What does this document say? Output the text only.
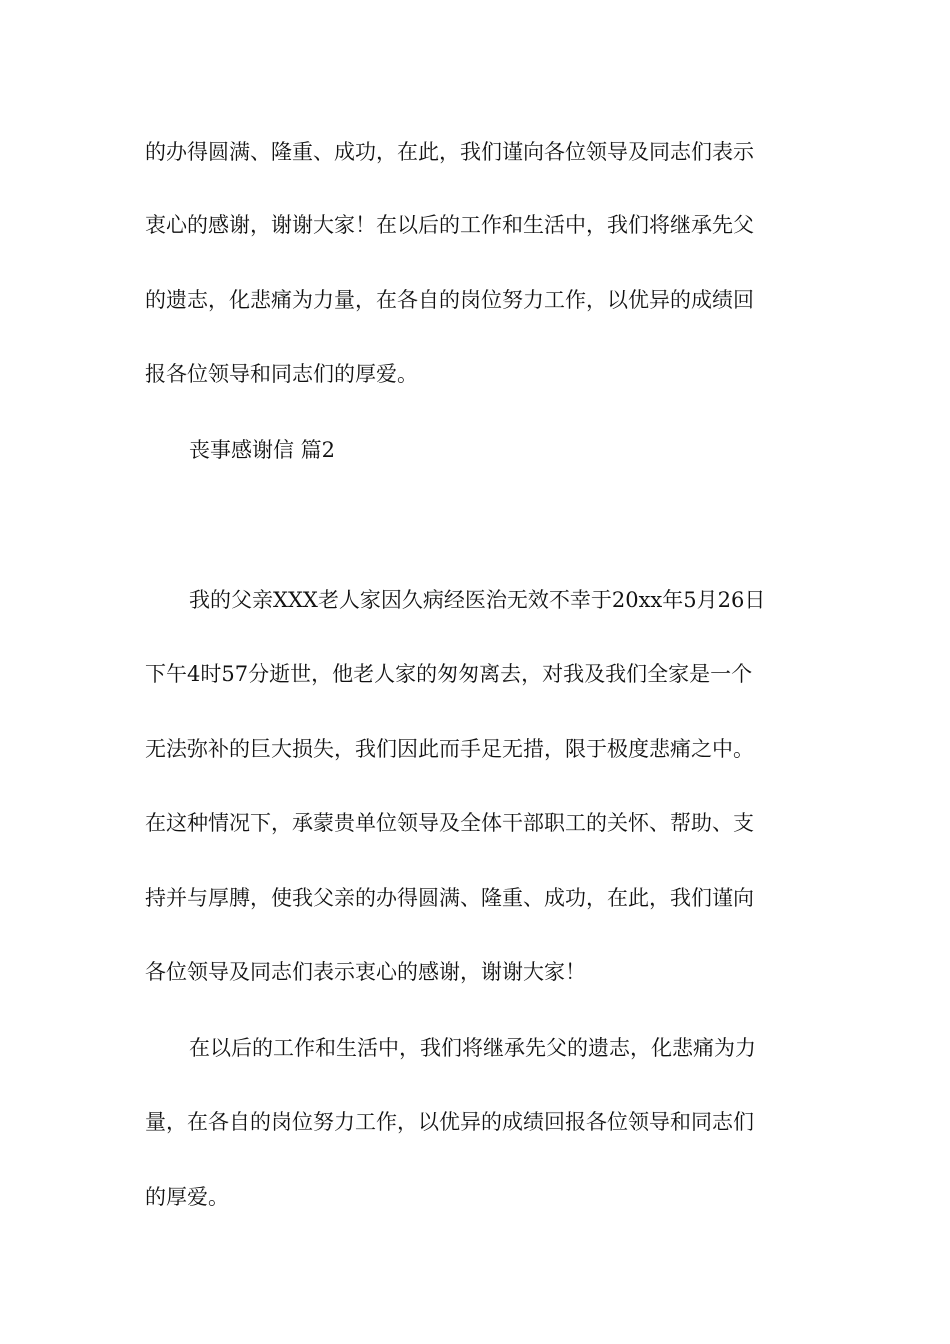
的办得圆满、隆重、成功，在此，我们谨向各位领导及同志们表示
衷心的感谢，谢谢大家！在以后的工作和生活中，我们将继承先父
的遗志，化悲痛为力量，在各自的岗位努力工作，以优异的成绩回
报各位领导和同志们的厚爱。
丧事感谢信 篇2
我的父亲XXX老人家因久病经医治无效不幸于20xx年5月26日
下午4时57分逝世，他老人家的匆匆离去，对我及我们全家是一个
无法弥补的巨大损失，我们因此而手足无措，限于极度悲痛之中。
在这种情况下，承蒙贵单位领导及全体干部职工的关怀、帮助、支
持并与厚膊，使我父亲的办得圆满、隆重、成功，在此，我们谨向
各位领导及同志们表示衷心的感谢，谢谢大家！
在以后的工作和生活中，我们将继承先父的遗志，化悲痛为力
量，在各自的岗位努力工作，以优异的成绩回报各位领导和同志们
的厚爱。
